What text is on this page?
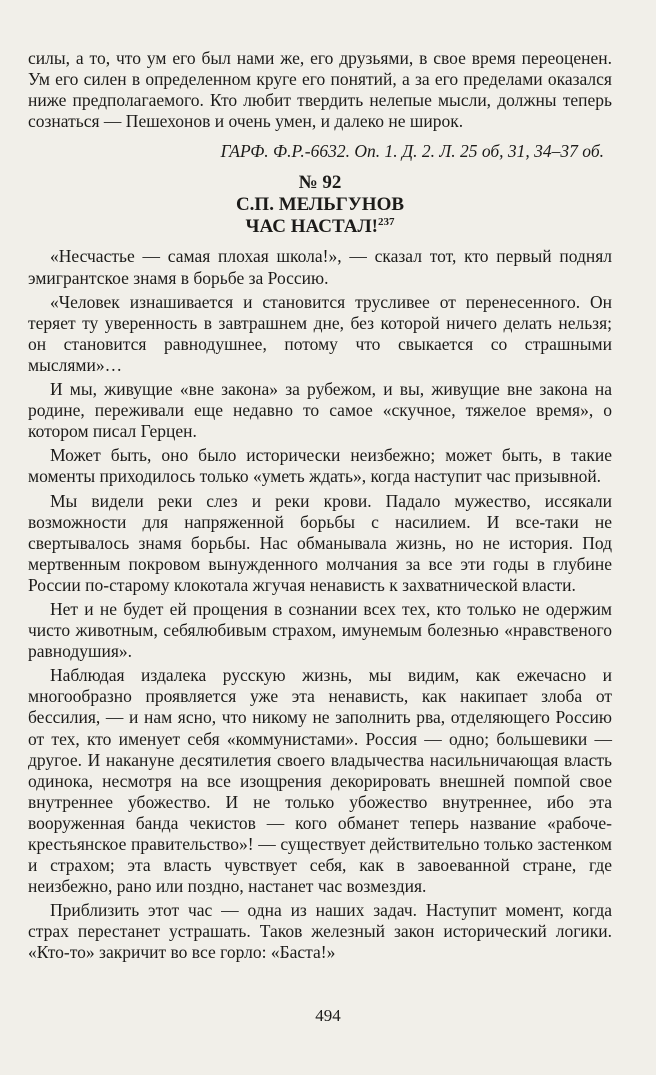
силы, а то, что ум его был нами же, его друзьями, в свое время переоценен. Ум его силен в определенном круге его понятий, а за его пределами оказался ниже предполагаемого. Кто любит твердить нелепые мысли, должны теперь сознаться — Пешехонов и очень умен, и далеко не широк.

ГАРФ. Ф.Р.-6632. Оп. 1. Д. 2. Л. 25 об, 31, 34–37 об.

№ 92

С.П. МЕЛЬГУНОВ

ЧАС НАСТАЛ!$^{237}$

«Несчастье — самая плохая школа!», — сказал тот, кто первый поднял эмигрантское знамя в борьбе за Россию.

«Человек изнашивается и становится трусливее от перенесенного. Он теряет ту уверенность в завтрашнем дне, без которой ничего делать нельзя; он становится равнодушнее, потому что свыкается со страшными мыслями»…

И мы, живущие «вне закона» за рубежом, и вы, живущие вне закона на родине, переживали еще недавно то самое «скучное, тяжелое время», о котором писал Герцен.

Может быть, оно было исторически неизбежно; может быть, в такие моменты приходилось только «уметь ждать», когда наступит час призывной.

Мы видели реки слез и реки крови. Падало мужество, иссякали возможности для напряженной борьбы с насилием. И все-таки не свертывалось знамя борьбы. Нас обманывала жизнь, но не история. Под мертвенным покровом вынужденного молчания за все эти годы в глубине России по-старому клокотала жгучая ненависть к захватнической власти.

Нет и не будет ей прощения в сознании всех тех, кто только не одержим чисто животным, себялюбивым страхом, имунемым болезнью «нравственого равнодушия».

Наблюдая издалека русскую жизнь, мы видим, как ежечасно и многообразно проявляется уже эта ненависть, как накипает злоба от бессилия, — и нам ясно, что никому не заполнить рва, отделяющего Россию от тех, кто именует себя «коммунистами». Россия — одно; большевики — другое. И накануне десятилетия своего владычества насильничающая власть одинока, несмотря на все изощрения декорировать внешней помпой свое внутреннее убожество. И не только убожество внутреннее, ибо эта вооруженная банда чекистов — кого обманет теперь название «рабоче-крестьянское правительство»! — существует действительно только застенком и страхом; эта власть чувствует себя, как в завоеванной стране, где неизбежно, рано или поздно, настанет час возмездия.

Приблизить этот час — одна из наших задач. Наступит момент, когда страх перестанет устрашать. Таков железный закон исторический логики. «Кто-то» закричит во все горло: «Баста!»

494
